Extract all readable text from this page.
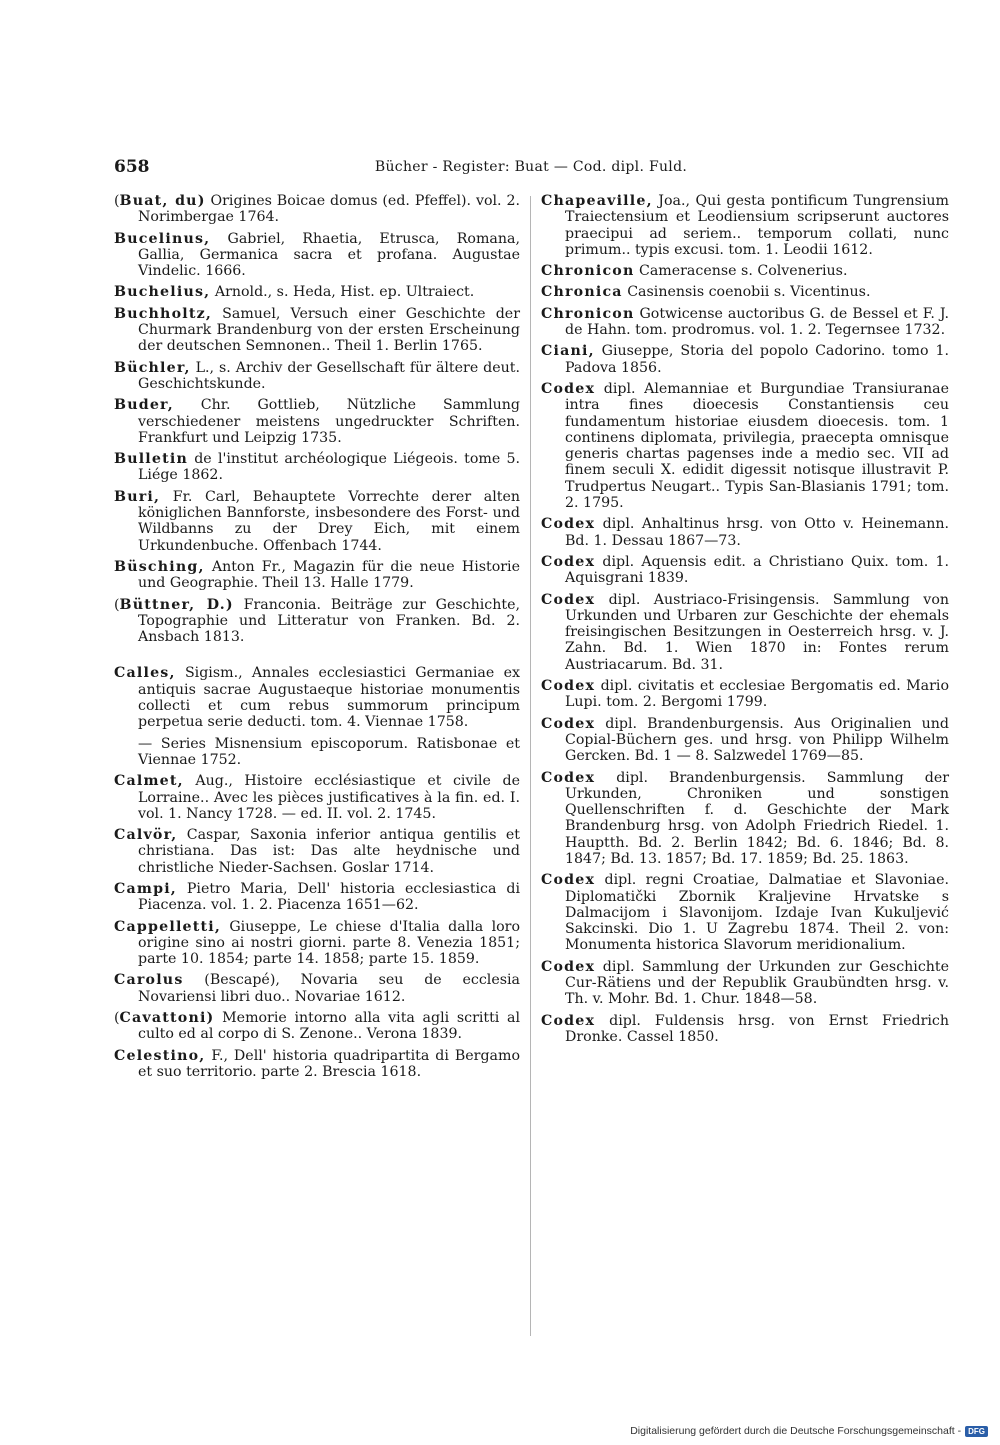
658	Bücher - Register: Buat — Cod. dipl. Fuld.

(Buat, du) Origines Boicae domus (ed. Pfeffel). vol. 2. Norimbergae 1764.

Bucelinus, Gabriel, Rhaetia, Etrusca, Romana, Gallia, Germanica sacra et profana. Augustae Vindelic. 1666.

Buchelius, Arnold., s. Heda, Hist. ep. Ultraiect.

Buchholtz, Samuel, Versuch einer Geschichte der Churmark Brandenburg von der ersten Erscheinung der deutschen Semnonen.. Theil 1. Berlin 1765.

Büchler, L., s. Archiv der Gesellschaft für ältere deut. Geschichtskunde.

Buder, Chr. Gottlieb, Nützliche Sammlung verschiedener meistens ungedruckter Schriften. Frankfurt und Leipzig 1735.

Bulletin de l'institut archéologique Liégeois. tome 5. Liége 1862.

Buri, Fr. Carl, Behauptete Vorrechte derer alten königlichen Bannforste, insbesondere des Forst- und Wildbanns zu der Drey Eich, mit einem Urkundenbuche. Offenbach 1744.

Büsching, Anton Fr., Magazin für die neue Historie und Geographie. Theil 13. Halle 1779.

(Büttner, D.) Franconia. Beiträge zur Geschichte, Topographie und Litteratur von Franken. Bd. 2. Ansbach 1813.

Calles, Sigism., Annales ecclesiastici Germaniae ex antiquis sacrae Augustaeque historiae monumentis collecti et cum rebus summorum principum perpetua serie deducti. tom. 4. Viennae 1758.

— Series Misnensium episcoporum. Ratisbonae et Viennae 1752.

Calmet, Aug., Histoire ecclésiastique et civile de Lorraine.. Avec les pièces justificatives à la fin. ed. I. vol. 1. Nancy 1728. — ed. II. vol. 2. 1745.

Calvör, Caspar, Saxonia inferior antiqua gentilis et christiana. Das ist: Das alte heydnische und christliche Nieder-Sachsen. Goslar 1714.

Campi, Pietro Maria, Dell' historia ecclesiastica di Piacenza. vol. 1. 2. Piacenza 1651—62.

Cappelletti, Giuseppe, Le chiese d'Italia dalla loro origine sino ai nostri giorni. parte 8. Venezia 1851; parte 10. 1854; parte 14. 1858; parte 15. 1859.

Carolus (Bescapé), Novaria seu de ecclesia Novariensi libri duo.. Novariae 1612.

(Cavattoni) Memorie intorno alla vita agli scritti al culto ed al corpo di S. Zenone.. Verona 1839.

Celestino, F., Dell' historia quadripartita di Bergamo et suo territorio. parte 2. Brescia 1618.

Chapeaville, Joa., Qui gesta pontificum Tungrensium Traiectensium et Leodiensium scripserunt auctores praecipui ad seriem.. temporum collati, nunc primum.. typis excusi. tom. 1. Leodii 1612.

Chronicon Cameracense s. Colvenerius.

Chronica Casinensis coenobii s. Vicentinus.

Chronicon Gotwicense auctoribus G. de Bessel et F. J. de Hahn. tom. prodromus. vol. 1. 2. Tegernsee 1732.

Ciani, Giuseppe, Storia del popolo Cadorino. tomo 1. Padova 1856.

Codex dipl. Alemanniae et Burgundiae Transiuranae intra fines dioecesis Constantiensis ceu fundamentum historiae eiusdem dioecesis. tom. 1 continens diplomata, privilegia, praecepta omnisque generis chartas pagenses inde a medio sec. VII ad finem seculi X. edidit digessit notisque illustravit P. Trudpertus Neugart.. Typis San-Blasianis 1791; tom. 2. 1795.

Codex dipl. Anhaltinus hrsg. von Otto v. Heinemann. Bd. 1. Dessau 1867—73.

Codex dipl. Aquensis edit. a Christiano Quix. tom. 1. Aquisgrani 1839.

Codex dipl. Austriaco-Frisingensis. Sammlung von Urkunden und Urbaren zur Geschichte der ehemals freisingischen Besitzungen in Oesterreich hrsg. v. J. Zahn. Bd. 1. Wien 1870 in: Fontes rerum Austriacarum. Bd. 31.

Codex dipl. civitatis et ecclesiae Bergomatis ed. Mario Lupi. tom. 2. Bergomi 1799.

Codex dipl. Brandenburgensis. Aus Originalien und Copial-Büchern ges. und hrsg. von Philipp Wilhelm Gercken. Bd. 1 — 8. Salzwedel 1769—85.

Codex dipl. Brandenburgensis. Sammlung der Urkunden, Chroniken und sonstigen Quellenschriften f. d. Geschichte der Mark Brandenburg hrsg. von Adolph Friedrich Riedel. 1. Hauptth. Bd. 2. Berlin 1842; Bd. 6. 1846; Bd. 8. 1847; Bd. 13. 1857; Bd. 17. 1859; Bd. 25. 1863.

Codex dipl. regni Croatiae, Dalmatiae et Slavoniae. Diplomatički Zbornik Kraljevine Hrvatske s Dalmacijom i Slavonijom. Izdaje Ivan Kukuljević Sakcinski. Dio 1. U Zagrebu 1874. Theil 2. von: Monumenta historica Slavorum meridionalium.

Codex dipl. Sammlung der Urkunden zur Geschichte Cur-Rätiens und der Republik Graubündten hrsg. v. Th. v. Mohr. Bd. 1. Chur. 1848—58.

Codex dipl. Fuldensis hrsg. von Ernst Friedrich Dronke. Cassel 1850.

Digitalisierung gefördert durch die Deutsche Forschungsgemeinschaft - DFG
